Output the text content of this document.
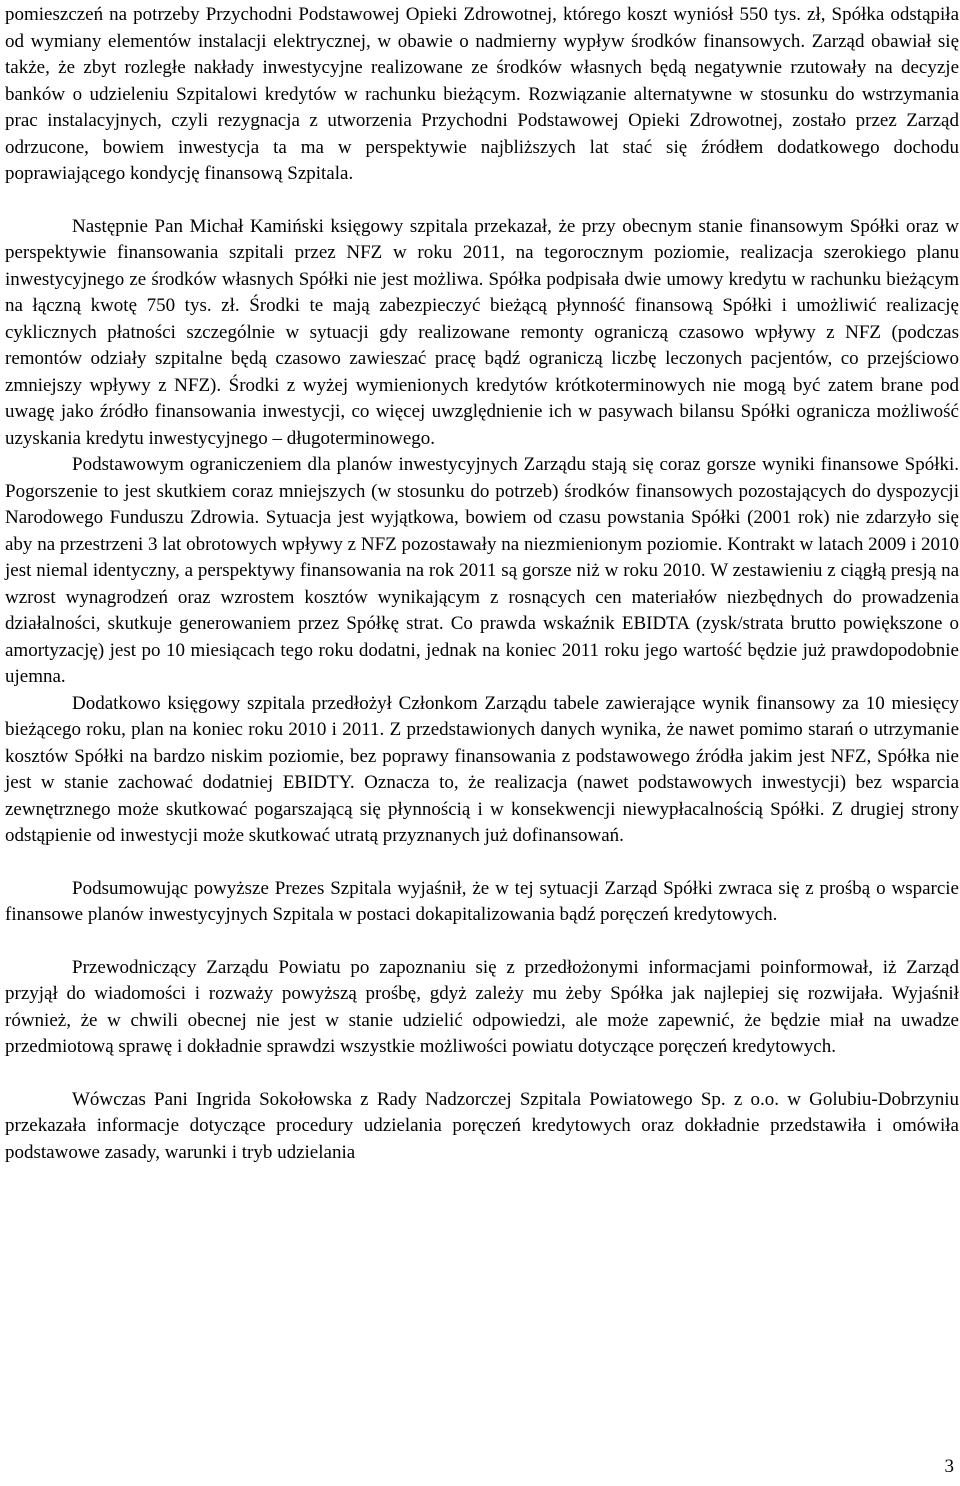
pomieszczeń na potrzeby Przychodni Podstawowej Opieki Zdrowotnej, którego koszt wyniósł 550 tys. zł, Spółka odstąpiła od wymiany elementów instalacji elektrycznej, w obawie o nadmierny wypływ środków finansowych. Zarząd obawiał się także, że zbyt rozległe nakłady inwestycyjne realizowane ze środków własnych będą negatywnie rzutowały na decyzje banków o udzieleniu Szpitalowi kredytów w rachunku bieżącym. Rozwiązanie alternatywne w stosunku do wstrzymania prac instalacyjnych, czyli rezygnacja z utworzenia Przychodni Podstawowej Opieki Zdrowotnej, zostało przez Zarząd odrzucone, bowiem inwestycja ta ma w perspektywie najbliższych lat stać się źródłem dodatkowego dochodu poprawiającego kondycję finansową Szpitala.

Następnie Pan Michał Kamiński księgowy szpitala przekazał, że przy obecnym stanie finansowym Spółki oraz w perspektywie finansowania szpitali przez NFZ w roku 2011, na tegorocznym poziomie, realizacja szerokiego planu inwestycyjnego ze środków własnych Spółki nie jest możliwa. Spółka podpisała dwie umowy kredytu w rachunku bieżącym na łączną kwotę 750 tys. zł. Środki te mają zabezpieczyć bieżącą płynność finansową Spółki i umożliwić realizację cyklicznych płatności szczególnie w sytuacji gdy realizowane remonty ograniczą czasowo wpływy z NFZ (podczas remontów odziały szpitalne będą czasowo zawieszać pracę bądź ograniczą liczbę leczonych pacjentów, co przejściowo zmniejszy wpływy z NFZ). Środki z wyżej wymienionych kredytów krótkoterminowych nie mogą być zatem brane pod uwagę jako źródło finansowania inwestycji, co więcej uwzględnienie ich w pasywach bilansu Spółki ogranicza możliwość uzyskania kredytu inwestycyjnego – długoterminowego.

Podstawowym ograniczeniem dla planów inwestycyjnych Zarządu stają się coraz gorsze wyniki finansowe Spółki. Pogorszenie to jest skutkiem coraz mniejszych (w stosunku do potrzeb) środków finansowych pozostających do dyspozycji Narodowego Funduszu Zdrowia. Sytuacja jest wyjątkowa, bowiem od czasu powstania Spółki (2001 rok) nie zdarzyło się aby na przestrzeni 3 lat obrotowych wpływy z NFZ pozostawały na niezmienionym poziomie. Kontrakt w latach 2009 i 2010 jest niemal identyczny, a perspektywy finansowania na rok 2011 są gorsze niż w roku 2010. W zestawieniu z ciągłą presją na wzrost wynagrodzeń oraz wzrostem kosztów wynikającym z rosnących cen materiałów niezbędnych do prowadzenia działalności, skutkuje generowaniem przez Spółkę strat. Co prawda wskaźnik EBIDTA (zysk/strata brutto powiększone o amortyzację) jest po 10 miesiącach tego roku dodatni, jednak na koniec 2011 roku jego wartość będzie już prawdopodobnie ujemna.

Dodatkowo księgowy szpitala przedłożył Członkom Zarządu tabele zawierające wynik finansowy za 10 miesięcy bieżącego roku, plan na koniec roku 2010 i 2011. Z przedstawionych danych wynika, że nawet pomimo starań o utrzymanie kosztów Spółki na bardzo niskim poziomie, bez poprawy finansowania z podstawowego źródła jakim jest NFZ, Spółka nie jest w stanie zachować dodatniej EBIDTY. Oznacza to, że realizacja (nawet podstawowych inwestycji) bez wsparcia zewnętrznego może skutkować pogarszającą się płynnością i w konsekwencji niewypłacalnością Spółki. Z drugiej strony odstąpienie od inwestycji może skutkować utratą przyznanych już dofinansowań.

Podsumowując powyższe Prezes Szpitala wyjaśnił, że w tej sytuacji Zarząd Spółki zwraca się z prośbą o wsparcie finansowe planów inwestycyjnych Szpitala w postaci dokapitalizowania bądź poręczeń kredytowych.

Przewodniczący Zarządu Powiatu po zapoznaniu się z przedłożonymi informacjami poinformował, iż Zarząd przyjął do wiadomości i rozważy powyższą prośbę, gdyż zależy mu żeby Spółka jak najlepiej się rozwijała. Wyjaśnił również, że w chwili obecnej nie jest w stanie udzielić odpowiedzi, ale może zapewnić, że będzie miał na uwadze przedmiotową sprawę i dokładnie sprawdzi wszystkie możliwości powiatu dotyczące poręczeń kredytowych.

Wówczas Pani Ingrida Sokołowska z Rady Nadzorczej Szpitala Powiatowego Sp. z o.o. w Golubiu-Dobrzyniu przekazała informacje dotyczące procedury udzielania poręczeń kredytowych oraz dokładnie przedstawiła i omówiła podstawowe zasady, warunki i tryb udzielania

3
